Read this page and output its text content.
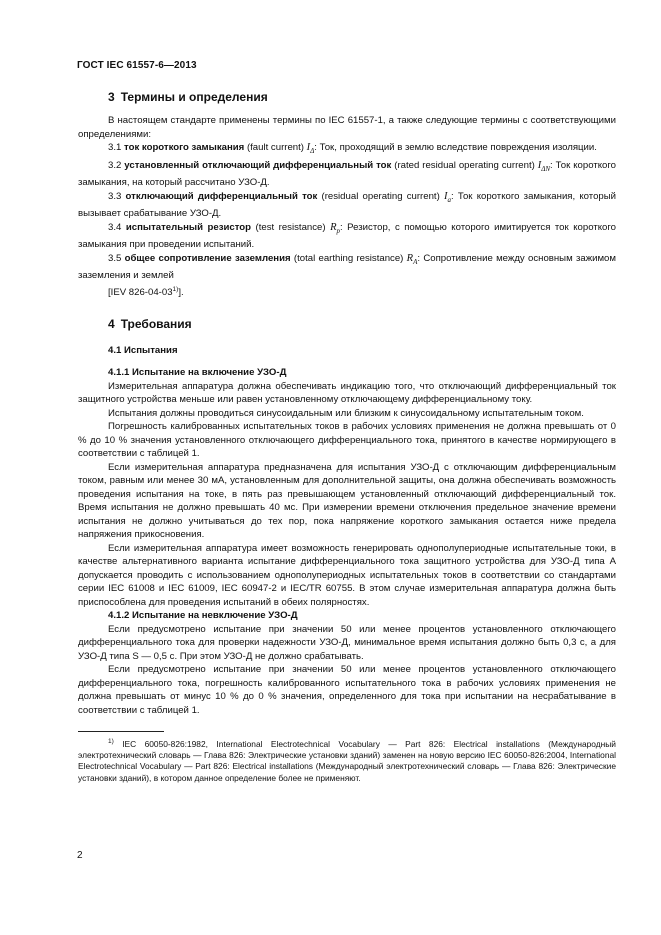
ГОСТ IEC 61557-6—2013
3 Термины и определения

В настоящем стандарте применены термины по IEC 61557-1, а также следующие термины с соответствующими определениями:

3.1 ток короткого замыкания (fault current) $I_\Delta$: Ток, проходящий в землю вследствие повреждения изоляции.

3.2 установленный отключающий дифференциальный ток (rated residual operating current) $I_{\Delta N}$: Ток короткого замыкания, на который рассчитано УЗО-Д.

3.3 отключающий дифференциальный ток (residual operating current) $I_a$: Ток короткого замыкания, который вызывает срабатывание УЗО-Д.

3.4 испытательный резистор (test resistance) $R_p$: Резистор, с помощью которого имитируется ток короткого замыкания при проведении испытаний.

3.5 общее сопротивление заземления (total earthing resistance) $R_A$: Сопротивление между основным зажимом заземления и землей

[IEV 826-04-03$^{1)}$].

4 Требования

4.1 Испытания

4.1.1 Испытание на включение УЗО-Д

Измерительная аппаратура должна обеспечивать индикацию того, что отключающий дифференциальный ток защитного устройства меньше или равен установленному отключающему дифференциальному току.

Испытания должны проводиться синусоидальным или близким к синусоидальному испытательным током.

Погрешность калиброванных испытательных токов в рабочих условиях применения не должна превышать от 0 % до 10 % значения установленного отключающего дифференциального тока, принятого в качестве нормирующего в соответствии с таблицей 1.

Если измерительная аппаратура предназначена для испытания УЗО-Д с отключающим дифференциальным током, равным или менее 30 мА, установленным для дополнительной защиты, она должна обеспечивать возможность проведения испытания на токе, в пять раз превышающем установленный отключающий дифференциальный ток. Время испытания не должно превышать 40 мс. При измерении времени отключения предельное значение времени испытания не должно учитываться до тех пор, пока напряжение короткого замыкания остается ниже предела напряжения прикосновения.

Если измерительная аппаратура имеет возможность генерировать однополупериодные испытательные токи, в качестве альтернативного варианта испытание дифференциального тока защитного устройства для УЗО-Д типа А допускается проводить с использованием однополупериодных испытательных токов в соответствии со стандартами серии IEC 61008 и IEC 61009, IEC 60947-2 и IEC/TR 60755. В этом случае измерительная аппаратура должна быть приспособлена для проведения испытаний в обеих полярностях.

4.1.2 Испытание на невключение УЗО-Д

Если предусмотрено испытание при значении 50 или менее процентов установленного отключающего дифференциального тока для проверки надежности УЗО-Д, минимальное время испытания должно быть 0,3 с, а для УЗО-Д типа S — 0,5 с. При этом УЗО-Д не должно срабатывать.

Если предусмотрено испытание при значении 50 или менее процентов установленного отключающего дифференциального тока, погрешность калиброванного испытательного тока в рабочих условиях применения не должна превышать от минус 10 % до 0 % значения, определенного для тока при испытании на несрабатывание в соответствии с таблицей 1.

$^{1)}$ IEC 60050-826:1982, International Electrotechnical Vocabulary — Part 826: Electrical installations (Международный электротехнический словарь — Глава 826: Электрические установки зданий) заменен на новую версию IEC 60050-826:2004, International Electrotechnical Vocabulary — Part 826: Electrical installations (Международный электротехнический словарь — Глава 826: Электрические установки зданий), в котором данное определение более не применяют.

2
